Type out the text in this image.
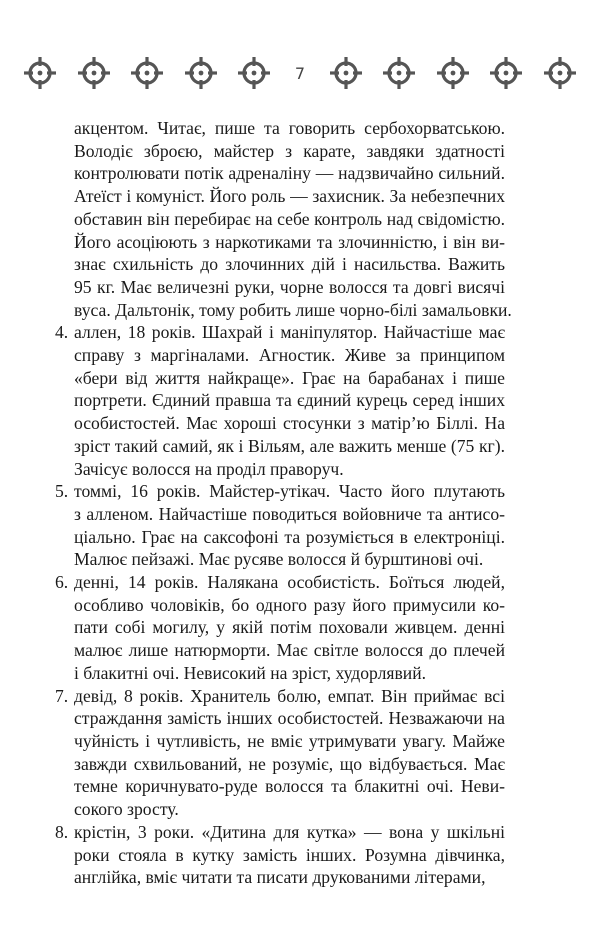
7
акцентом. Читає, пише та говорить сербохорватською.
Володіє зброєю, майстер з карате, завдяки здатності
контролювати потік адреналіну — надзвичайно сильний.
Атеїст і комуніст. Його роль — захисник. За небезпечних
обставин він перебирає на себе контроль над свідомістю.
Його асоціюють з наркотиками та злочинністю, і він ви-
знає схильність до злочинних дій і насильства. Важить
95 кг. Має величезні руки, чорне волосся та довгі висячі
вуса. Дальтонік, тому робить лише чорно-білі замальовки.
4. аллен, 18 років. Шахрай і маніпулятор. Найчастіше має
справу з маргіналами. Агностик. Живе за принципом
«бери від життя найкраще». Грає на барабанах і пише
портрети. Єдиний правша та єдиний курець серед інших
особистостей. Має хороші стосунки з матір’ю Біллі. На
зріст такий самий, як і Вільям, але важить менше (75 кг).
Зачісує волосся на проділ праворуч.
5. томмі, 16 років. Майстер-утікач. Часто його плутають
з алленом. Найчастіше поводиться войовниче та антисо-
ціально. Грає на саксофоні та розуміється в електроніці.
Малює пейзажі. Має русяве волосся й бурштинові очі.
6. денні, 14 років. Налякана особистість. Боїться людей,
особливо чоловіків, бо одного разу його примусили ко-
пати собі могилу, у якій потім поховали живцем. денні
малює лише натюрморти. Має світле волосся до плечей
і блакитні очі. Невисокий на зріст, худорлявий.
7. девід, 8 років. Хранитель болю, емпат. Він приймає всі
страждання замість інших особистостей. Незважаючи на
чуйність і чутливість, не вміє утримувати увагу. Майже
завжди схвильований, не розуміє, що відбувається. Має
темне коричнувато-руде волосся та блакитні очі. Неви-
сокого зросту.
8. крістін, 3 роки. «Дитина для кутка» — вона у шкільні
роки стояла в кутку замість інших. Розумна дівчинка,
англійка, вміє читати та писати друкованими літерами,
